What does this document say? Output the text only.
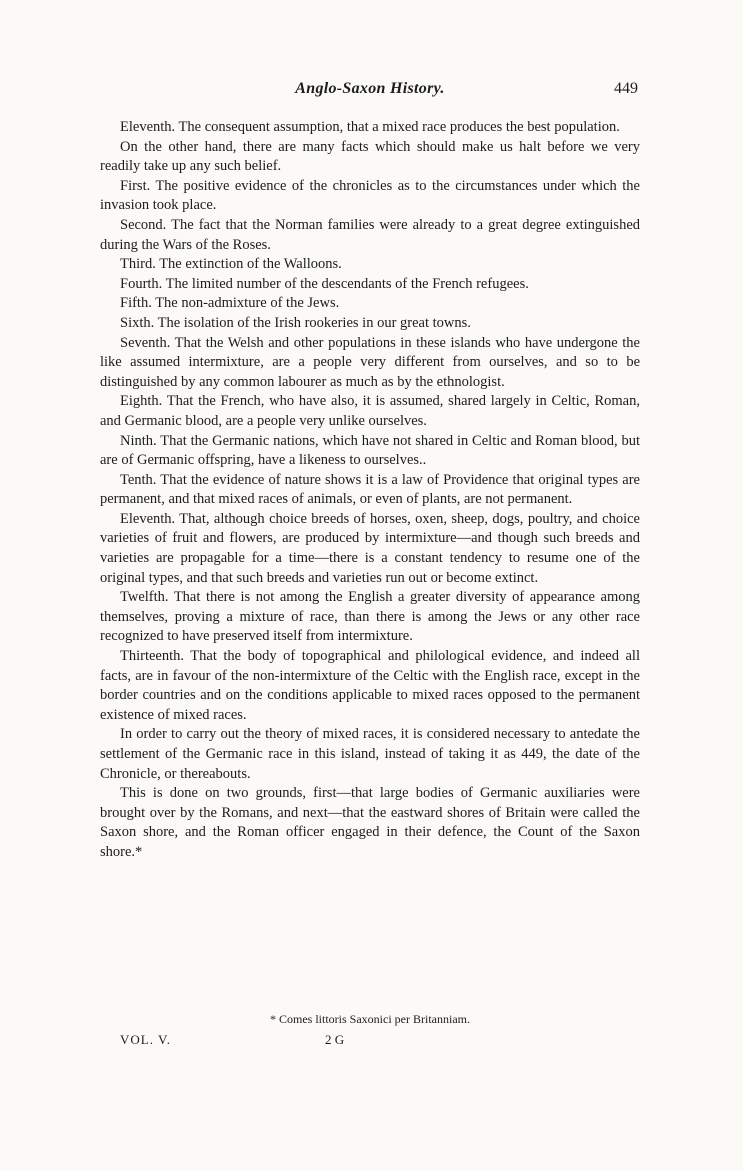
Anglo-Saxon History.	449

Eleventh. The consequent assumption, that a mixed race produces the best population.

On the other hand, there are many facts which should make us halt before we very readily take up any such belief.

First. The positive evidence of the chronicles as to the circumstances under which the invasion took place.

Second. The fact that the Norman families were already to a great degree extinguished during the Wars of the Roses.

Third. The extinction of the Walloons.

Fourth. The limited number of the descendants of the French refugees.

Fifth. The non-admixture of the Jews.

Sixth. The isolation of the Irish rookeries in our great towns.

Seventh. That the Welsh and other populations in these islands who have undergone the like assumed intermixture, are a people very different from ourselves, and so to be distinguished by any common labourer as much as by the ethnologist.

Eighth. That the French, who have also, it is assumed, shared largely in Celtic, Roman, and Germanic blood, are a people very unlike ourselves.

Ninth. That the Germanic nations, which have not shared in Celtic and Roman blood, but are of Germanic offspring, have a likeness to ourselves..

Tenth. That the evidence of nature shows it is a law of Providence that original types are permanent, and that mixed races of animals, or even of plants, are not permanent.

Eleventh. That, although choice breeds of horses, oxen, sheep, dogs, poultry, and choice varieties of fruit and flowers, are produced by intermixture—and though such breeds and varieties are propagable for a time—there is a constant tendency to resume one of the original types, and that such breeds and varieties run out or become extinct.

Twelfth. That there is not among the English a greater diversity of appearance among themselves, proving a mixture of race, than there is among the Jews or any other race recognized to have preserved itself from intermixture.

Thirteenth. That the body of topographical and philological evidence, and indeed all facts, are in favour of the non-intermixture of the Celtic with the English race, except in the border countries and on the conditions applicable to mixed races opposed to the permanent existence of mixed races.

In order to carry out the theory of mixed races, it is considered necessary to antedate the settlement of the Germanic race in this island, instead of taking it as 449, the date of the Chronicle, or thereabouts.

This is done on two grounds, first—that large bodies of Germanic auxiliaries were brought over by the Romans, and next—that the eastward shores of Britain were called the Saxon shore, and the Roman officer engaged in their defence, the Count of the Saxon shore.*

* Comes littoris Saxonici per Britanniam.
VOL. V.	2 G
